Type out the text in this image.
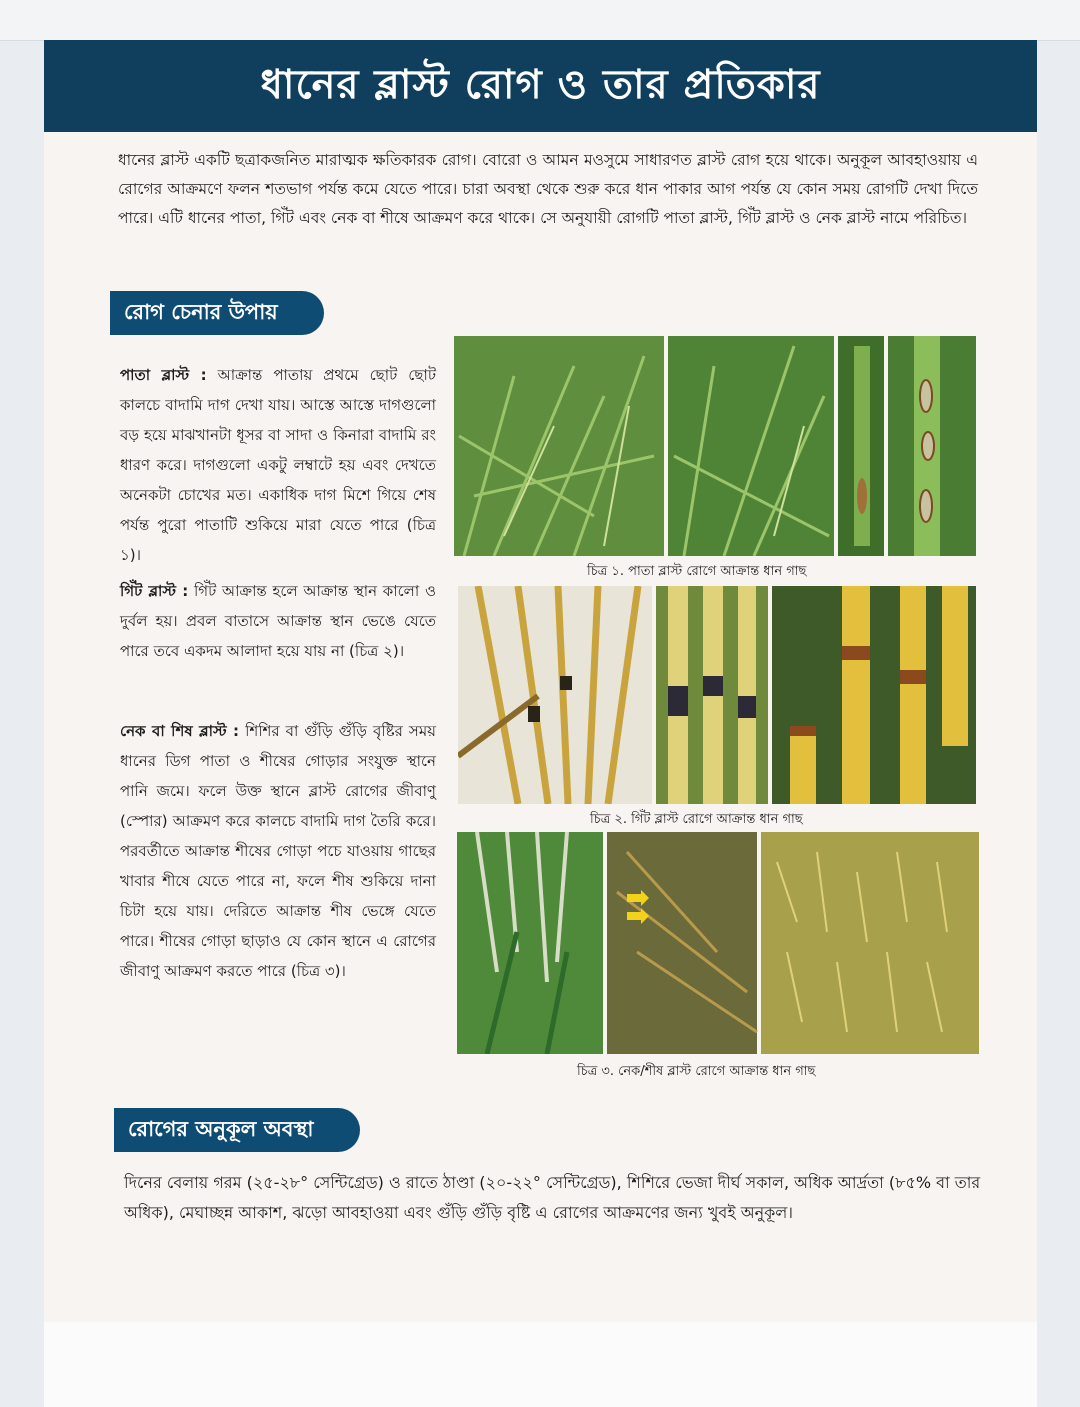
ধানের ব্লাস্ট রোগ ও তার প্রতিকার
ধানের ব্লাস্ট একটি ছত্রাকজনিত মারাত্মক ক্ষতিকারক রোগ। বোরো ও আমন মওসুমে সাধারণত ব্লাস্ট রোগ হয়ে থাকে। অনুকূল আবহাওয়ায় এ রোগের আক্রমণে ফলন শতভাগ পর্যন্ত কমে যেতে পারে। চারা অবস্থা থেকে শুরু করে ধান পাকার আগ পর্যন্ত যে কোন সময় রোগটি দেখা দিতে পারে। এটি ধানের পাতা, গিঁট এবং নেক বা শীষে আক্রমণ করে থাকে। সে অনুযায়ী রোগটি পাতা ব্লাস্ট, গিঁট ব্লাস্ট ও নেক ব্লাস্ট নামে পরিচিত।
রোগ চেনার উপায়
পাতা ব্লাস্ট : আক্রান্ত পাতায় প্রথমে ছোট ছোট কালচে বাদামি দাগ দেখা যায়। আস্তে আস্তে দাগগুলো বড় হয়ে মাঝখানটা ধূসর বা সাদা ও কিনারা বাদামি রং ধারণ করে। দাগগুলো একটু লম্বাটে হয় এবং দেখতে অনেকটা চোখের মত। একাধিক দাগ মিশে গিয়ে শেষ পর্যন্ত পুরো পাতাটি শুকিয়ে মারা যেতে পারে (চিত্র ১)।
গিঁট ব্লাস্ট : গিঁট আক্রান্ত হলে আক্রান্ত স্থান কালো ও দুর্বল হয়। প্রবল বাতাসে আক্রান্ত স্থান ভেঙে যেতে পারে তবে একদম আলাদা হয়ে যায় না (চিত্র ২)।
নেক বা শিষ ব্লাস্ট : শিশির বা গুঁড়ি গুঁড়ি বৃষ্টির সময় ধানের ডিগ পাতা ও শীষের গোড়ার সংযুক্ত স্থানে পানি জমে। ফলে উক্ত স্থানে ব্লাস্ট রোগের জীবাণু (স্পোর) আক্রমণ করে কালচে বাদামি দাগ তৈরি করে। পরবর্তীতে আক্রান্ত শীষের গোড়া পচে যাওয়ায় গাছের খাবার শীষে যেতে পারে না, ফলে শীষ শুকিয়ে দানা চিটা হয়ে যায়। দেরিতে আক্রান্ত শীষ ভেঙ্গে যেতে পারে। শীষের গোড়া ছাড়াও যে কোন স্থানে এ রোগের জীবাণু আক্রমণ করতে পারে (চিত্র ৩)।
চিত্র ১. পাতা ব্লাস্ট রোগে আক্রান্ত ধান গাছ
চিত্র ২. গিঁট ব্লাস্ট রোগে আক্রান্ত ধান গাছ
চিত্র ৩. নেক/শীষ ব্লাস্ট রোগে আক্রান্ত ধান গাছ
রোগের অনুকূল অবস্থা
দিনের বেলায় গরম (২৫-২৮° সেন্টিগ্রেড) ও রাতে ঠাণ্ডা (২০-২২° সেন্টিগ্রেড), শিশিরে ভেজা দীর্ঘ সকাল, অধিক আর্দ্রতা (৮৫% বা তার অধিক), মেঘাচ্ছন্ন আকাশ, ঝড়ো আবহাওয়া এবং গুঁড়ি গুঁড়ি বৃষ্টি এ রোগের আক্রমণের জন্য খুবই অনুকূল।
